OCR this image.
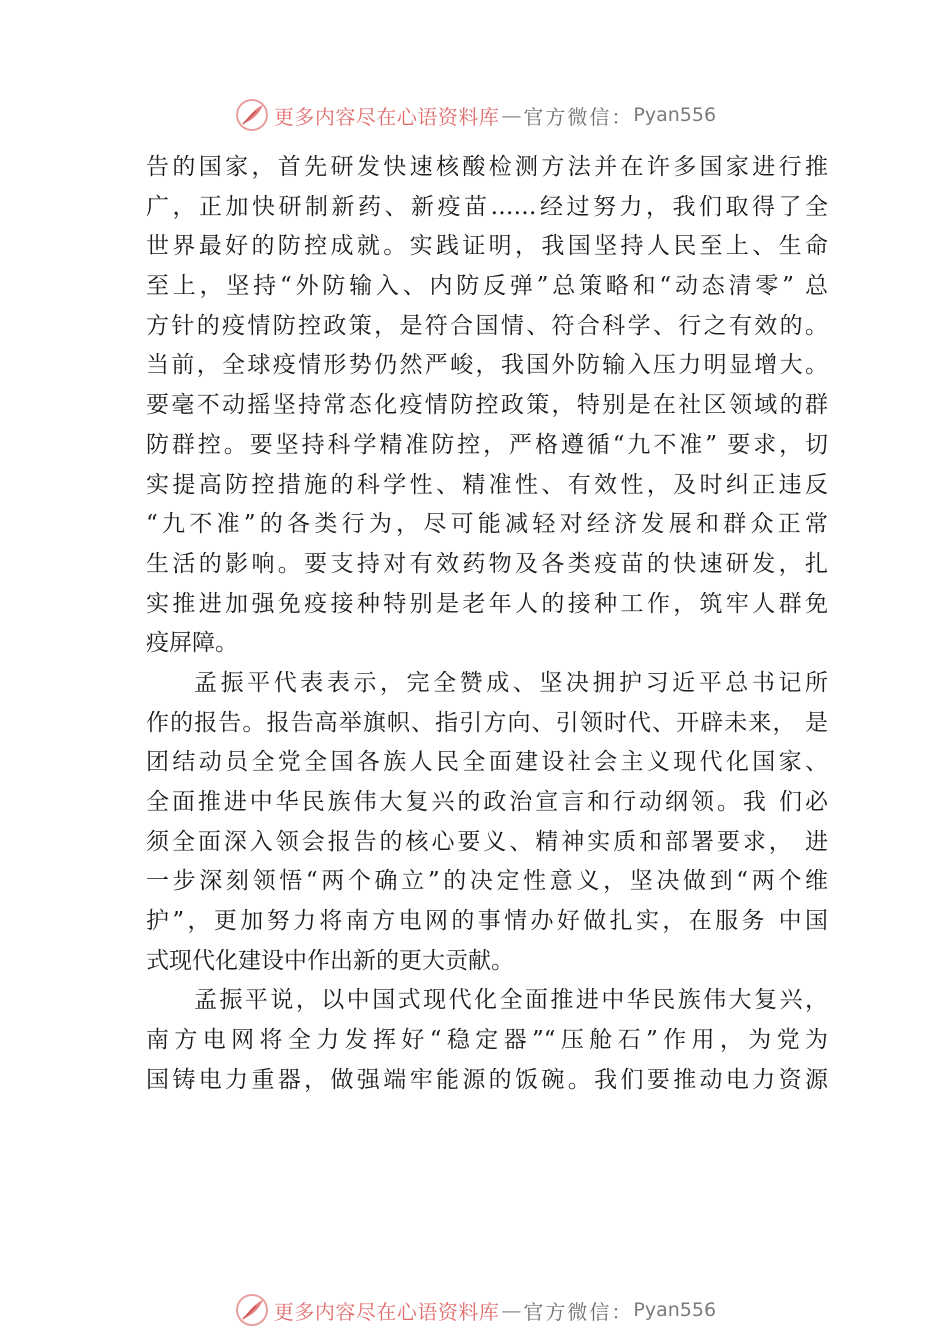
更多内容尽在心语资料库 — 官方微信： Pyan556
告的国家，首先研发快速核酸检测方法并在许多国家进行推
广，正加快研制新药、新疫苗……经过努力，我们取得了全
世界最好的防控成就。实践证明，我国坚持人民至上、生命
至上，坚持“外防输入、内防反弹”总策略和“动态清零” 总
方针的疫情防控政策，是符合国情、符合科学、行之有效的。
当前，全球疫情形势仍然严峻，我国外防输入压力明显增大。
要毫不动摇坚持常态化疫情防控政策，特别是在社区领域的群
防群控。要坚持科学精准防控，严格遵循“九不准” 要求，切
实提高防控措施的科学性、精准性、有效性，及时纠正违反
“九不准”的各类行为，尽可能减轻对经济发展和群众正常
生活的影响。要支持对有效药物及各类疫苗的快速研发，扎
实推进加强免疫接种特别是老年人的接种工作，筑牢人群免
疫屏障。
孟振平代表表示，完全赞成、坚决拥护习近平总书记所
作的报告。报告高举旗帜、指引方向、引领时代、开辟未来， 是
团结动员全党全国各族人民全面建设社会主义现代化国家、
全面推进中华民族伟大复兴的政治宣言和行动纲领。我 们必
须全面深入领会报告的核心要义、精神实质和部署要求， 进
一步深刻领悟“两个确立”的决定性意义，坚决做到“两个维
护”，更加努力将南方电网的事情办好做扎实，在服务 中国
式现代化建设中作出新的更大贡献。
孟振平说，以中国式现代化全面推进中华民族伟大复兴，
南方电网将全力发挥好“稳定器”“压舱石”作用，为党为
国铸电力重器，做强端牢能源的饭碗。我们要推动电力资源
更多内容尽在心语资料库 — 官方微信： Pyan556
